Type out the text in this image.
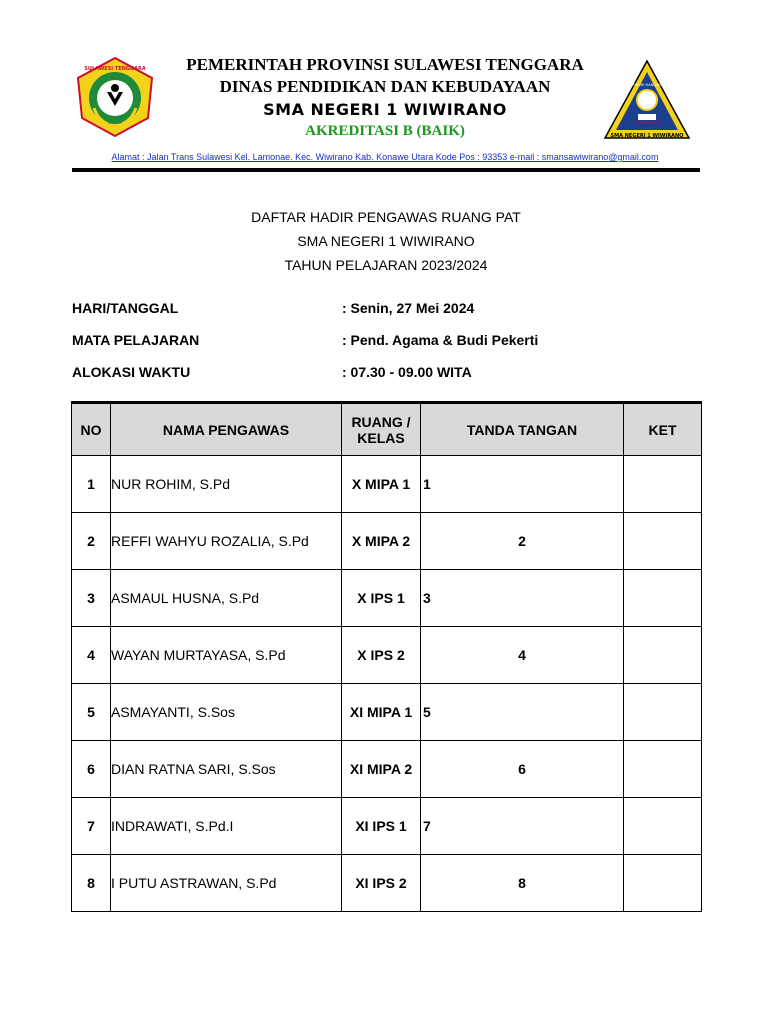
SULAWESI TENGGARA	PEMERINTAH PROVINSI SULAWESI TENGGARA
DINAS PENDIDIKAN DAN KEBUDAYAAN
SMA NEGERI 1 WIWIRANO
AKREDITASI B (BAIK)	SMA NEGERI 1 WIWIRANO
SEBANGKLAN
TUTWURI HANDAYANI
Alamat : Jalan Trans Sulawesi Kel. Lamonae. Kec. Wiwirano Kab. Konawe Utara Kode Pos : 93353 e-mail : smansawiwirano@gmail.com
DAFTAR HADIR PENGAWAS RUANG PAT
SMA NEGERI 1 WIWIRANO
TAHUN PELAJARAN 2023/2024
HARI/TANGGAL	: Senin, 27 Mei 2024
MATA PELAJARAN	: Pend. Agama & Budi Pekerti
ALOKASI WAKTU	: 07.30 - 09.00 WITA
NO	NAMA PENGAWAS	RUANG / KELAS	TANDA TANGAN	KET
1	NUR ROHIM, S.Pd	X MIPA 1	1	

2	REFFI WAHYU ROZALIA, S.Pd	X MIPA 2	2	

3	ASMAUL HUSNA, S.Pd	X IPS 1	3	

4	WAYAN MURTAYASA, S.Pd	X IPS 2	4	

5	ASMAYANTI, S.Sos	XI MIPA 1	5	

6	DIAN RATNA SARI, S.Sos	XI MIPA 2	6	

7	INDRAWATI, S.Pd.I	XI IPS 1	7	

8	I PUTU ASTRAWAN, S.Pd	XI IPS 2	8	
